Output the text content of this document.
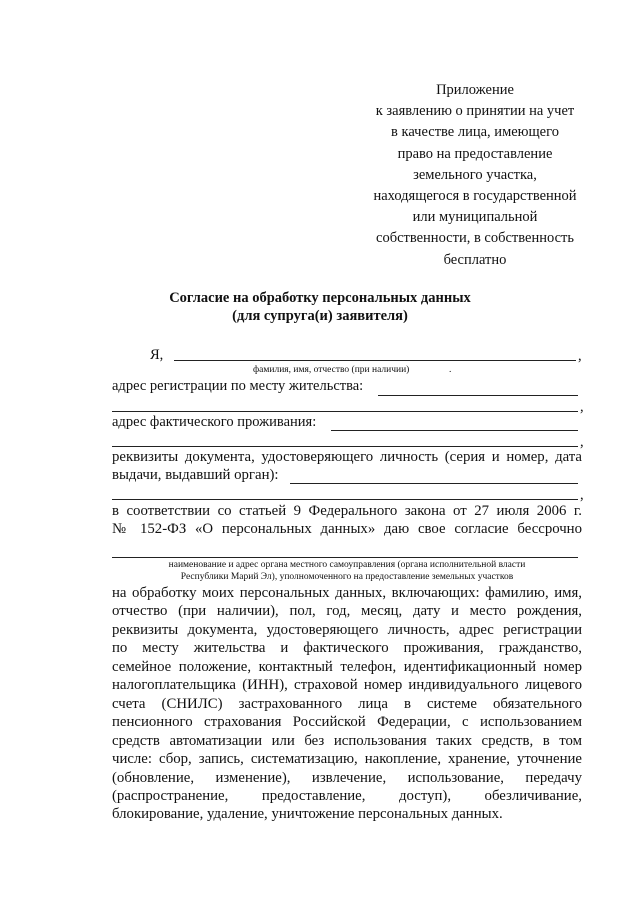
Приложение
к заявлению о принятии на учет
в качестве лица, имеющего
право на предоставление
земельного участка,
находящегося в государственной
или муниципальной
собственности, в собственность
бесплатно
Согласие на обработку персональных данных
(для супруга(и) заявителя)
Я,	,
фамилия, имя, отчество (при наличии)	.
адрес регистрации по месту жительства:
,
адрес фактического проживания:
,
реквизиты документа, удостоверяющего личность (серия и номер, дата
выдачи, выдавший орган):
,
в соответствии со статьей 9 Федерального закона от 27 июля 2006 г.
№ 152-ФЗ «О персональных данных» даю свое согласие бессрочно
наименование и адрес органа местного самоуправления (органа исполнительной власти
Республики Марий Эл), уполномоченного на предоставление земельных участков
на обработку моих персональных данных, включающих: фамилию, имя,
отчество (при наличии), пол, год, месяц, дату и место рождения,
реквизиты документа, удостоверяющего личность, адрес регистрации
по месту жительства и фактического проживания, гражданство,
семейное положение, контактный телефон, идентификационный номер
налогоплательщика (ИНН), страховой номер индивидуального лицевого
счета (СНИЛС) застрахованного лица в системе обязательного
пенсионного страхования Российской Федерации, с использованием
средств автоматизации или без использования таких средств, в том
числе: сбор, запись, систематизацию, накопление, хранение, уточнение
(обновление, изменение), извлечение, использование, передачу
(распространение, предоставление, доступ), обезличивание,
блокирование, удаление, уничтожение персональных данных.
